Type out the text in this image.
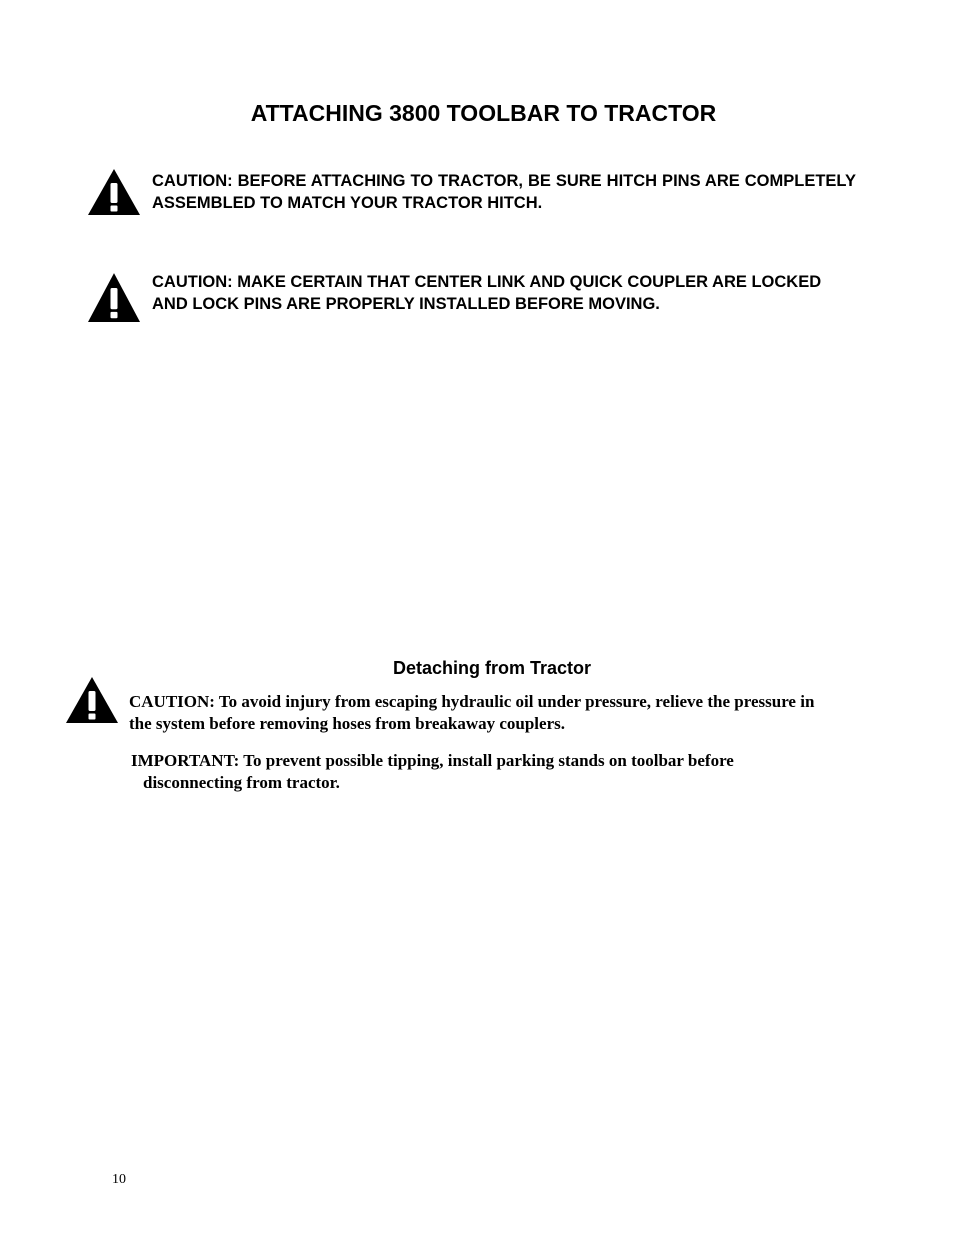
ATTACHING 3800 TOOLBAR TO TRACTOR

CAUTION: BEFORE ATTACHING TO TRACTOR, BE SURE HITCH PINS ARE COMPLETELY ASSEMBLED TO MATCH YOUR TRACTOR HITCH.

CAUTION: MAKE CERTAIN THAT CENTER LINK AND QUICK COUPLER ARE LOCKED AND LOCK PINS ARE PROPERLY INSTALLED BEFORE MOVING.

Detaching from Tractor

CAUTION: To avoid injury from escaping hydraulic oil under pressure, relieve the pressure in the system before removing hoses from breakaway couplers.

IMPORTANT: To prevent possible tipping, install parking stands on toolbar before disconnecting from tractor.

10
